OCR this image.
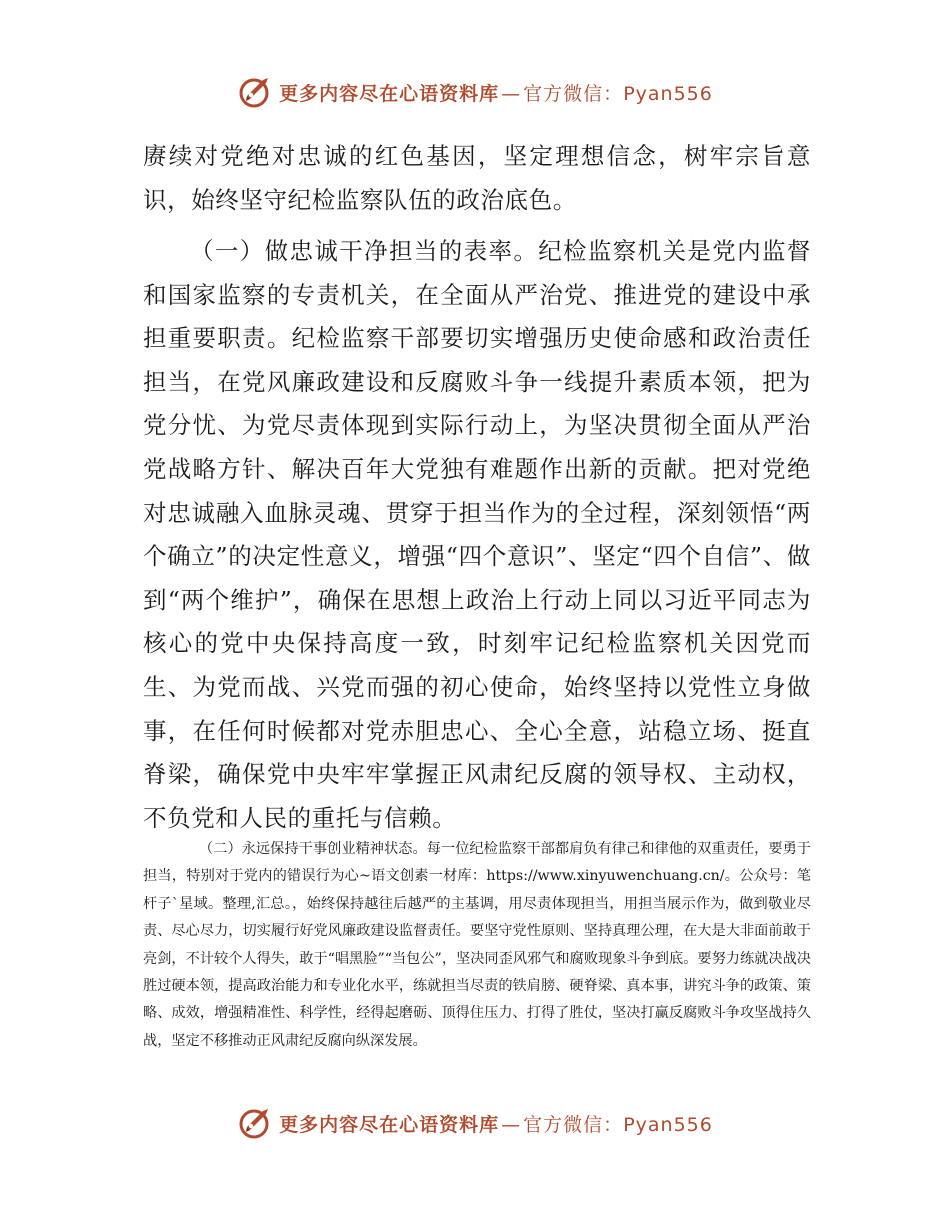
更多内容尽在心语资料库 — 官方微信：Pyan556

赓续对党绝对忠诚的红色基因，坚定理想信念，树牢宗旨意识，始终坚守纪检监察队伍的政治底色。

（一）做忠诚干净担当的表率。纪检监察机关是党内监督和国家监察的专责机关，在全面从严治党、推进党的建设中承担重要职责。纪检监察干部要切实增强历史使命感和政治责任担当，在党风廉政建设和反腐败斗争一线提升素质本领，把为党分忧、为党尽责体现到实际行动上，为坚决贯彻全面从严治党战略方针、解决百年大党独有难题作出新的贡献。把对党绝对忠诚融入血脉灵魂、贯穿于担当作为的全过程，深刻领悟“两个确立”的决定性意义，增强“四个意识”、坚定“四个自信”、做到“两个维护”，确保在思想上政治上行动上同以习近平同志为核心的党中央保持高度一致，时刻牢记纪检监察机关因党而生、为党而战、兴党而强的初心使命，始终坚持以党性立身做事，在任何时候都对党赤胆忠心、全心全意，站稳立场、挺直脊梁，确保党中央牢牢掌握正风肃纪反腐的领导权、主动权，不负党和人民的重托与信赖。

（二）永远保持干事创业精神状态。每一位纪检监察干部都肩负有律己和律他的双重责任，要勇于担当，特别对于党内的错误行为心~语文创素一材库：https://www.xinyuwenchuang.cn/。公众号：笔杆子`星域。整理,汇总。，始终保持越往后越严的主基调，用尽责体现担当，用担当展示作为，做到敬业尽责、尽心尽力，切实履行好党风廉政建设监督责任。要坚守党性原则、坚持真理公理，在大是大非面前敢于亮剑，不计较个人得失，敢于“唱黑脸”“当包公”，坚决同歪风邪气和腐败现象斗争到底。要努力练就决战决胜过硬本领，提高政治能力和专业化水平，练就担当尽责的铁肩膀、硬脊梁、真本事，讲究斗争的政策、策略、成效，增强精准性、科学性，经得起磨砺、顶得住压力、打得了胜仗，坚决打赢反腐败斗争攻坚战持久战，坚定不移推动正风肃纪反腐向纵深发展。

更多内容尽在心语资料库 — 官方微信：Pyan556
